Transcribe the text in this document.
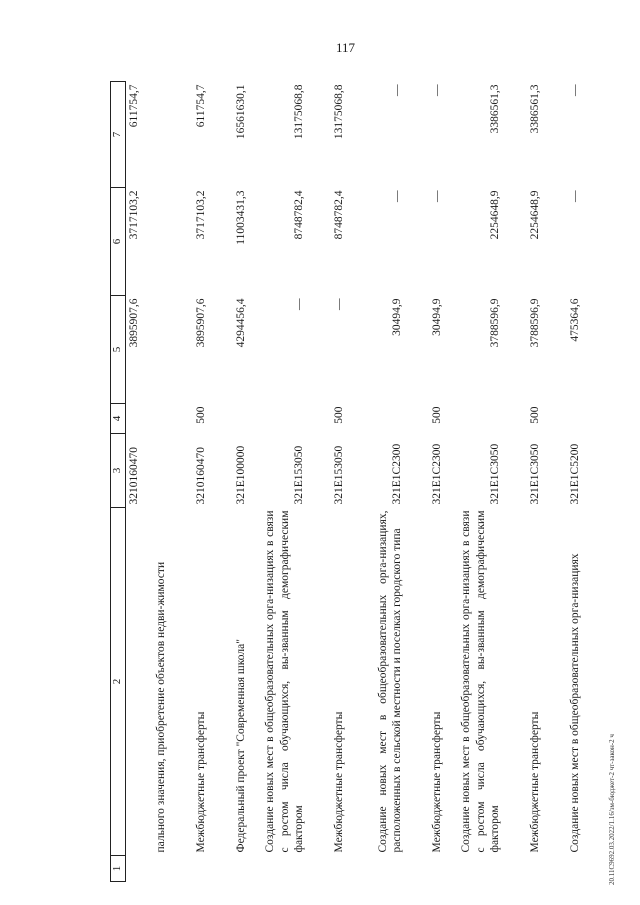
117
20.11C9692.03.2022/1.16/зм-бюджет-2 чт-закон-2 ч
1	2	3	4	5	6	7
	пального значения, приобретение объектов недви-жимости	3210160470		3895907,6	3717103,2	611754,7
	Межбюджетные трансферты	3210160470	500	3895907,6	3717103,2	611754,7
	Федеральный проект "Современная школа"	321E100000		4294456,4	11003431,3	16561630,1
	Создание новых мест в общеобразовательных орга-низациях в связи с ростом числа обучающихся, вы-званным демографическим фактором	321E153050		—	8748782,4	13175068,8
	Межбюджетные трансферты	321E153050	500	—	8748782,4	13175068,8
	Создание новых мест в общеобразовательных орга-низациях, расположенных в сельской местности и поселках городского типа	321E1C2300		30494,9	—	—
	Межбюджетные трансферты	321E1C2300	500	30494,9	—	—
	Создание новых мест в общеобразовательных орга-низациях в связи с ростом числа обучающихся, вы-званным демографическим фактором	321E1C3050		3788596,9	2254648,9	3386561,3
	Межбюджетные трансферты	321E1C3050	500	3788596,9	2254648,9	3386561,3
	Создание новых мест в общеобразовательных орга-низациях	321E1C5200		475364,6	—	—
